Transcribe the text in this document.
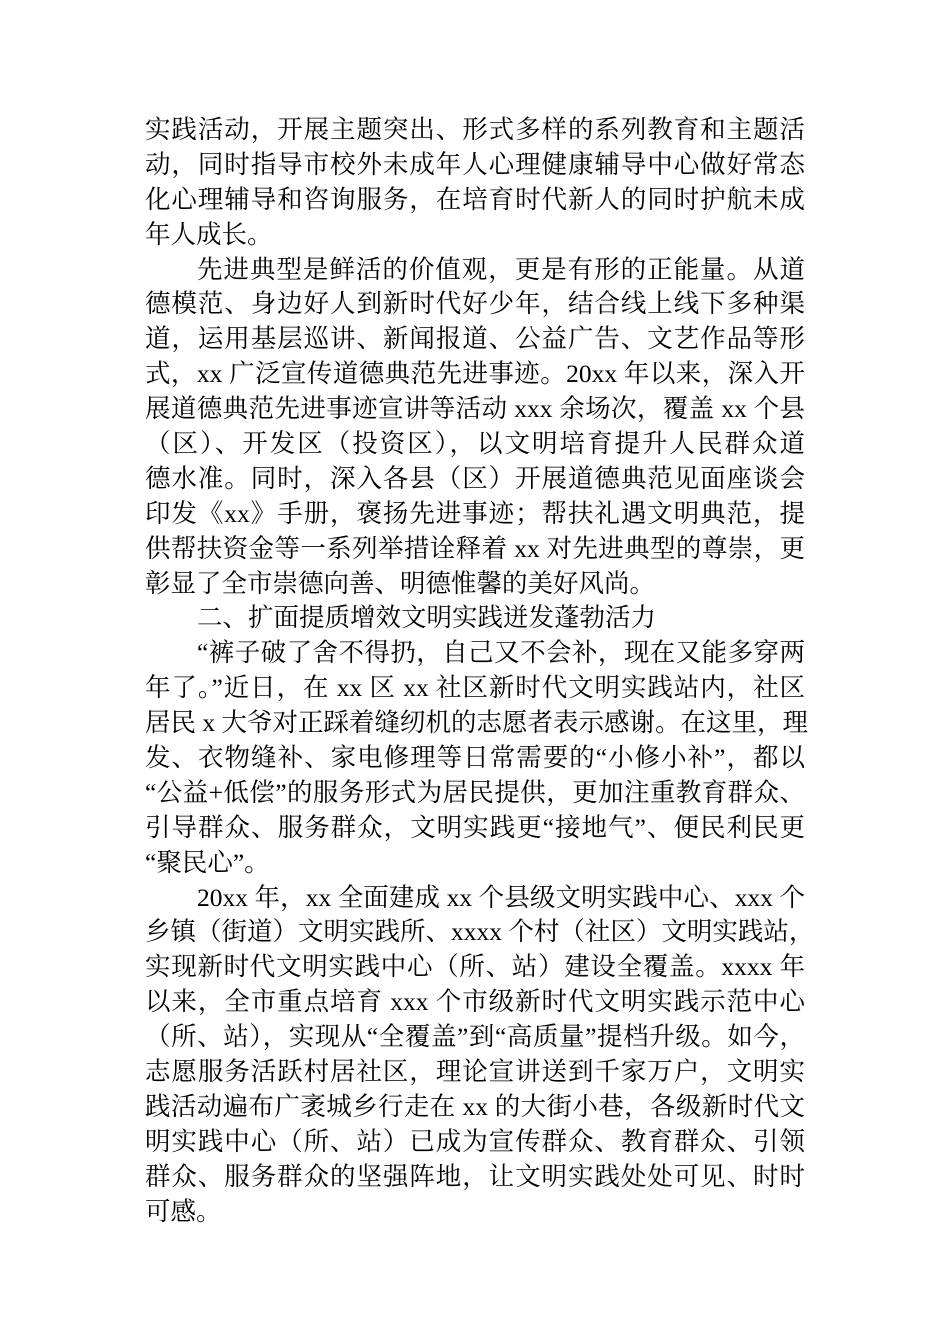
实践活动，开展主题突出、形式多样的系列教育和主题活
动，同时指导市校外未成年人心理健康辅导中心做好常态
化心理辅导和咨询服务，在培育时代新人的同时护航未成
年人成长。
先进典型是鲜活的价值观，更是有形的正能量。从道
德模范、身边好人到新时代好少年，结合线上线下多种渠
道，运用基层巡讲、新闻报道、公益广告、文艺作品等形
式，xx 广泛宣传道德典范先进事迹。20xx 年以来，深入开
展道德典范先进事迹宣讲等活动 xxx 余场次，覆盖 xx 个县
（区）、开发区（投资区），以文明培育提升人民群众道
德水准。同时，深入各县（区）开展道德典范见面座谈会
印发《xx》手册，褒扬先进事迹；帮扶礼遇文明典范，提
供帮扶资金等一系列举措诠释着 xx 对先进典型的尊崇，更
彰显了全市崇德向善、明德惟馨的美好风尚。
二、扩面提质增效文明实践迸发蓬勃活力
“裤子破了舍不得扔，自己又不会补，现在又能多穿两
年了。”近日，在 xx 区 xx 社区新时代文明实践站内，社区
居民 x 大爷对正踩着缝纫机的志愿者表示感谢。在这里，理
发、衣物缝补、家电修理等日常需要的“小修小补”，都以
“公益+低偿”的服务形式为居民提供，更加注重教育群众、
引导群众、服务群众，文明实践更“接地气”、便民利民更
“聚民心”。
20xx 年，xx 全面建成 xx 个县级文明实践中心、xxx 个
乡镇（街道）文明实践所、xxxx 个村（社区）文明实践站，
实现新时代文明实践中心（所、站）建设全覆盖。xxxx 年
以来，全市重点培育 xxx 个市级新时代文明实践示范中心
（所、站），实现从“全覆盖”到“高质量”提档升级。如今，
志愿服务活跃村居社区，理论宣讲送到千家万户，文明实
践活动遍布广袤城乡行走在 xx 的大街小巷，各级新时代文
明实践中心（所、站）已成为宣传群众、教育群众、引领
群众、服务群众的坚强阵地，让文明实践处处可见、时时
可感。
